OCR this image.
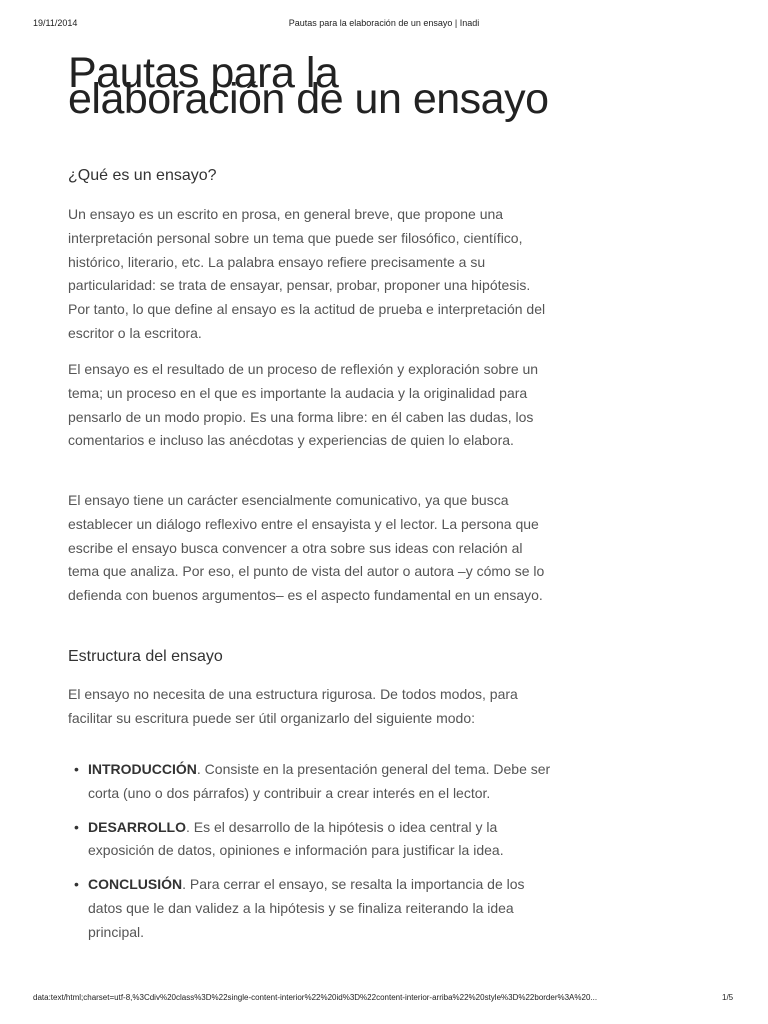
19/11/2014	Pautas para la elaboración de un ensayo | Inadi
Pautas para la elaboración de un ensayo
¿Qué es un ensayo?

Un ensayo es un escrito en prosa, en general breve, que propone una interpretación personal sobre un tema que puede ser filosófico, científico, histórico, literario, etc. La palabra ensayo refiere precisamente a su particularidad: se trata de ensayar, pensar, probar, proponer una hipótesis. Por tanto, lo que define al ensayo es la actitud de prueba e interpretación del escritor o la escritora.

El ensayo es el resultado de un proceso de reflexión y exploración sobre un tema; un proceso en el que es importante la audacia y la originalidad para pensarlo de un modo propio. Es una forma libre: en él caben las dudas, los comentarios e incluso las anécdotas y experiencias de quien lo elabora.

El ensayo tiene un carácter esencialmente comunicativo, ya que busca establecer un diálogo reflexivo entre el ensayista y el lector. La persona que escribe el ensayo busca convencer a otra sobre sus ideas con relación al tema que analiza. Por eso, el punto de vista del autor o autora –y cómo se lo defienda con buenos argumentos– es el aspecto fundamental en un ensayo.

Estructura del ensayo

El ensayo no necesita de una estructura rigurosa. De todos modos, para facilitar su escritura puede ser útil organizarlo del siguiente modo:

• INTRODUCCIÓN. Consiste en la presentación general del tema. Debe ser corta (uno o dos párrafos) y contribuir a crear interés en el lector.
• DESARROLLO. Es el desarrollo de la hipótesis o idea central y la exposición de datos, opiniones e información para justificar la idea.
• CONCLUSIÓN. Para cerrar el ensayo, se resalta la importancia de los datos que le dan validez a la hipótesis y se finaliza reiterando la idea principal.
data:text/html;charset=utf-8,%3Cdiv%20class%3D%22single-content-interior%22%20id%3D%22content-interior-arriba%22%20style%3D%22border%3A%20...	1/5
